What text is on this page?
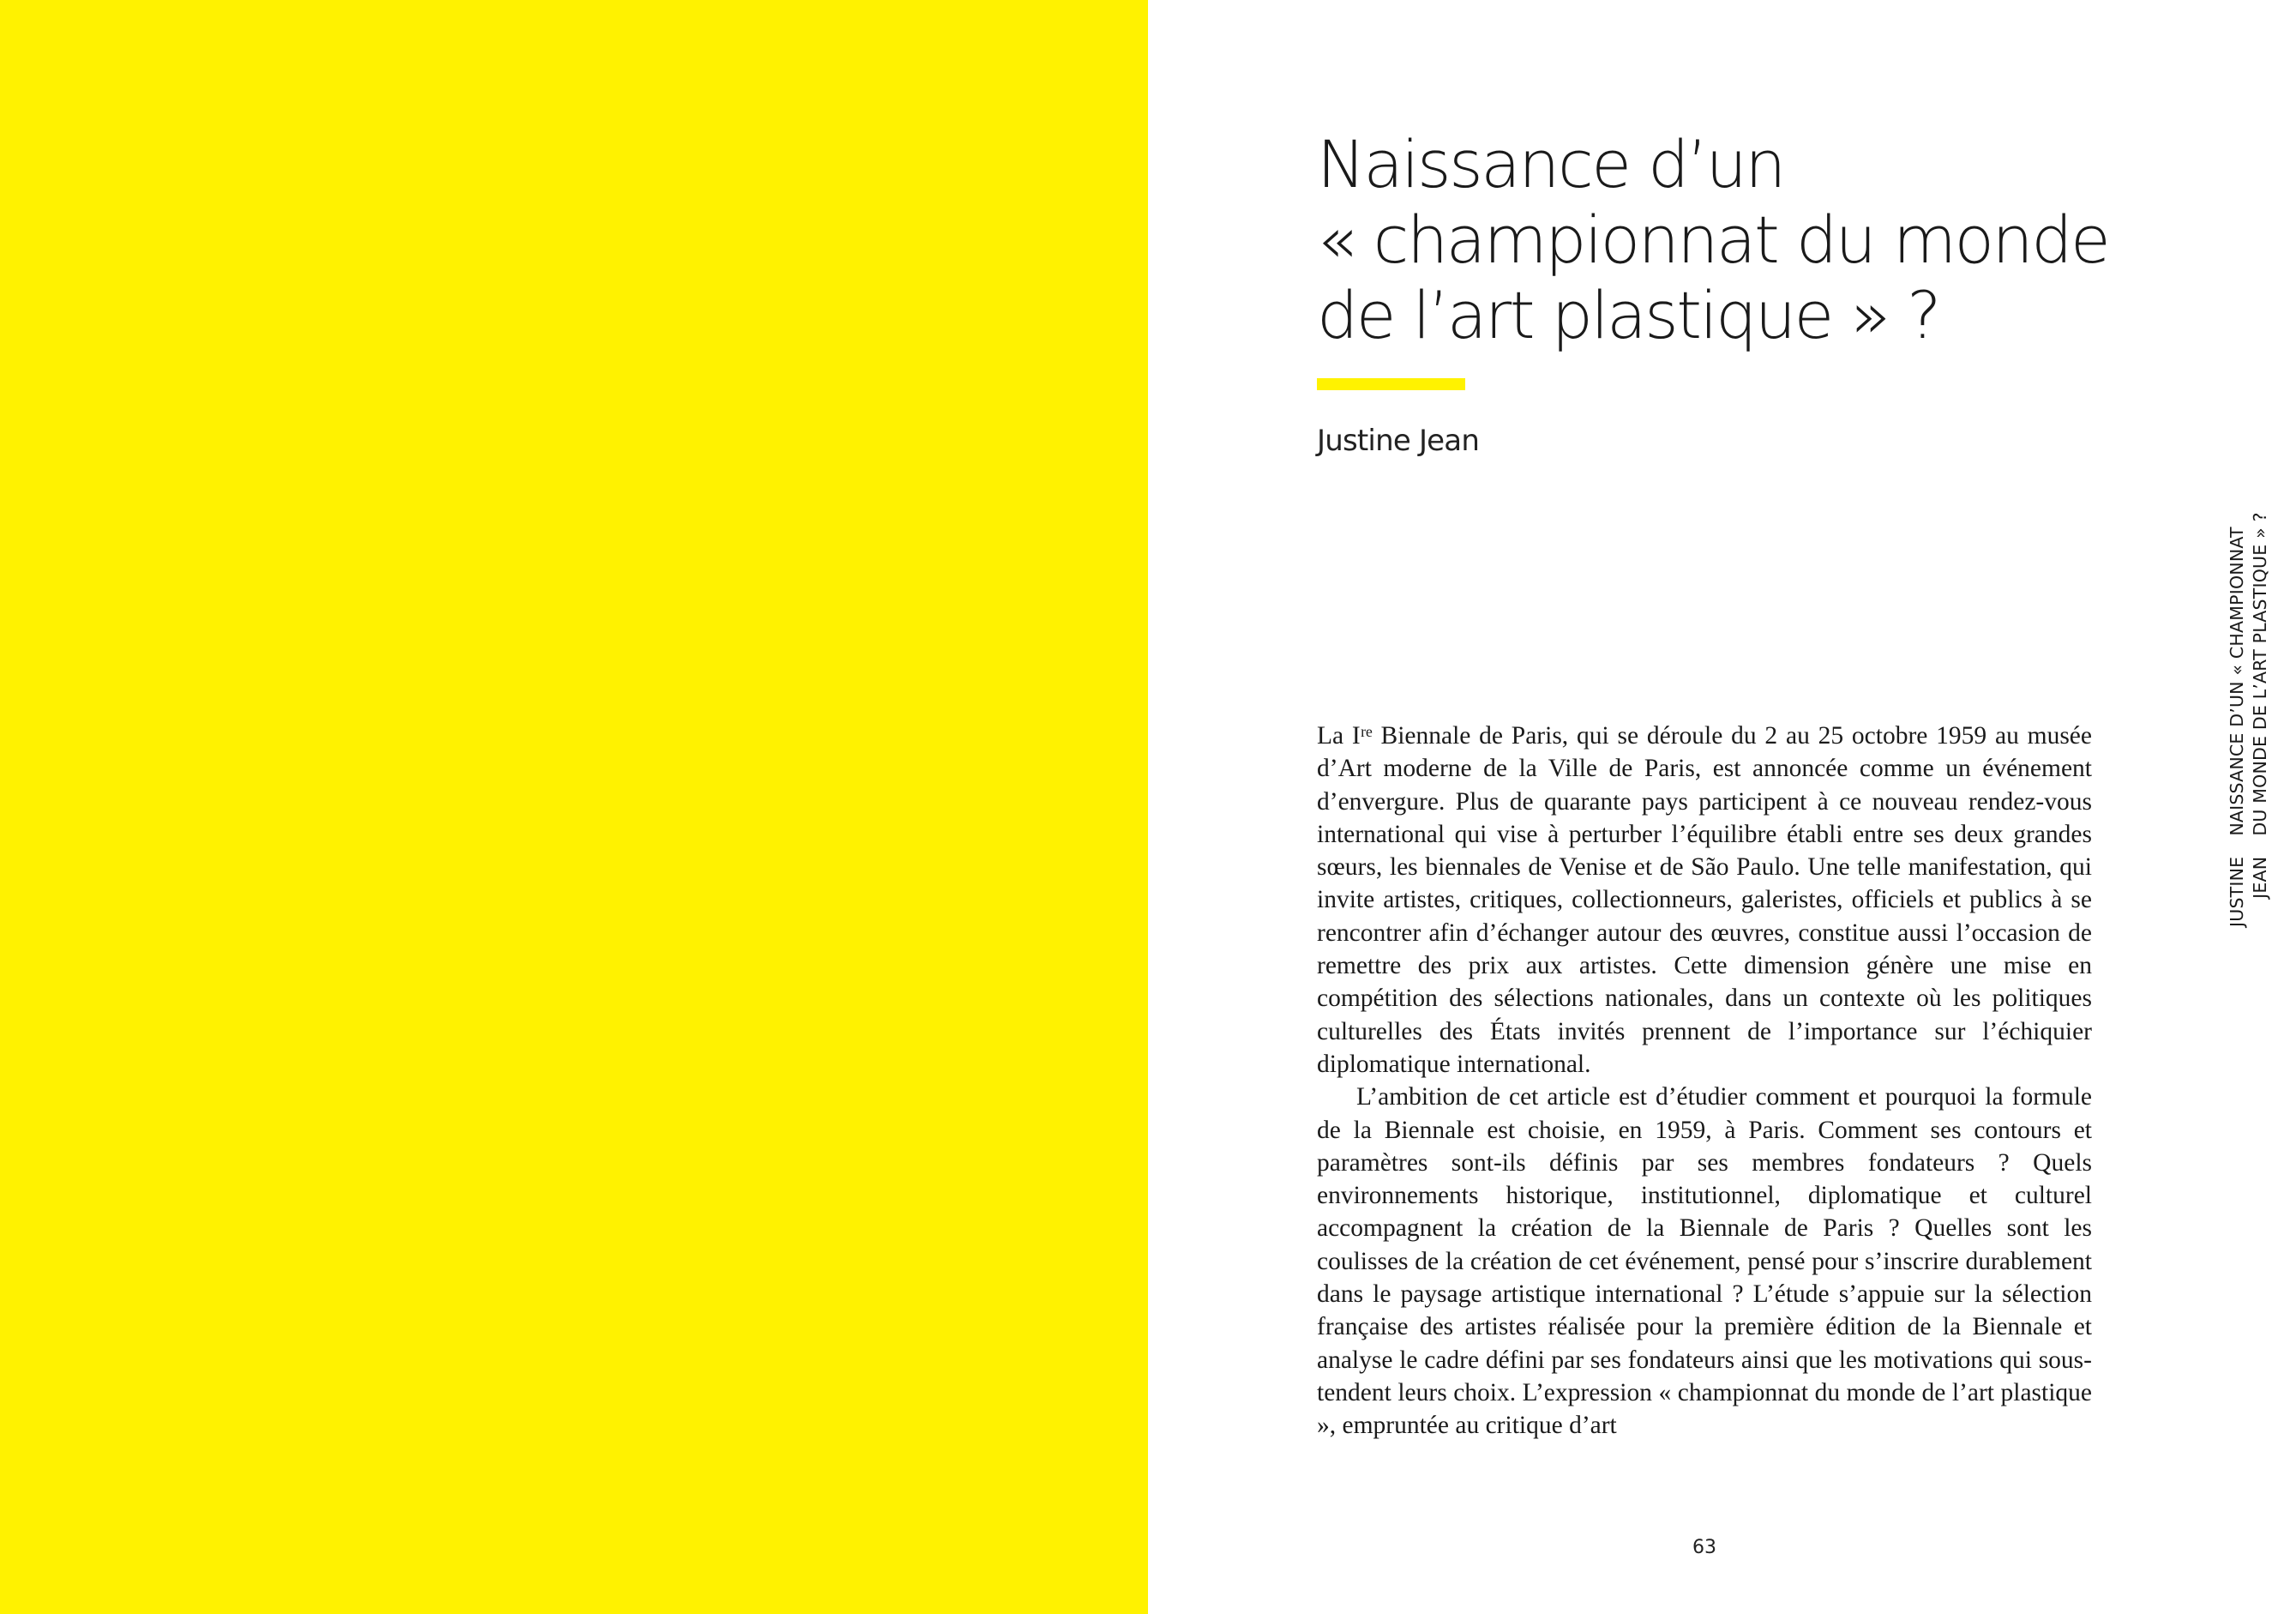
Naissance d’un
« championnat du monde
de l’art plastique » ?
Justine Jean

La Iʳᵉ Biennale de Paris, qui se déroule du 2 au 25 octobre 1959 au musée d’Art moderne de la Ville de Paris, est annoncée comme un événement d’envergure. Plus de quarante pays participent à ce nouveau rendez-vous international qui vise à perturber l’équilibre établi entre ses deux grandes sœurs, les biennales de Venise et de São Paulo. Une telle manifestation, qui invite artistes, critiques, collectionneurs, galeristes, officiels et publics à se rencontrer afin d’échanger autour des œuvres, constitue aussi l’occasion de remettre des prix aux artistes. Cette dimension génère une mise en compétition des sélections nationales, dans un contexte où les politiques culturelles des États invités prennent de l’importance sur l’échiquier diplomatique international.

L’ambition de cet article est d’étudier comment et pourquoi la formule de la Biennale est choisie, en 1959, à Paris. Comment ses contours et paramètres sont-ils définis par ses membres fondateurs ? Quels environnements historique, institutionnel, diplomatique et culturel accompagnent la création de la Biennale de Paris ? Quelles sont les coulisses de la création de cet événement, pensé pour s’inscrire durablement dans le paysage artistique international ? L’étude s’appuie sur la sélection française des artistes réalisée pour la première édition de la Biennale et analyse le cadre défini par ses fondateurs ainsi que les motivations qui sous-tendent leurs choix. L’expression « championnat du monde de l’art plastique », empruntée au critique d’art

JUSTINE JEAN
NAISSANCE D’UN « CHAMPIONNAT DU MONDE DE L’ART PLASTIQUE » ?
63
